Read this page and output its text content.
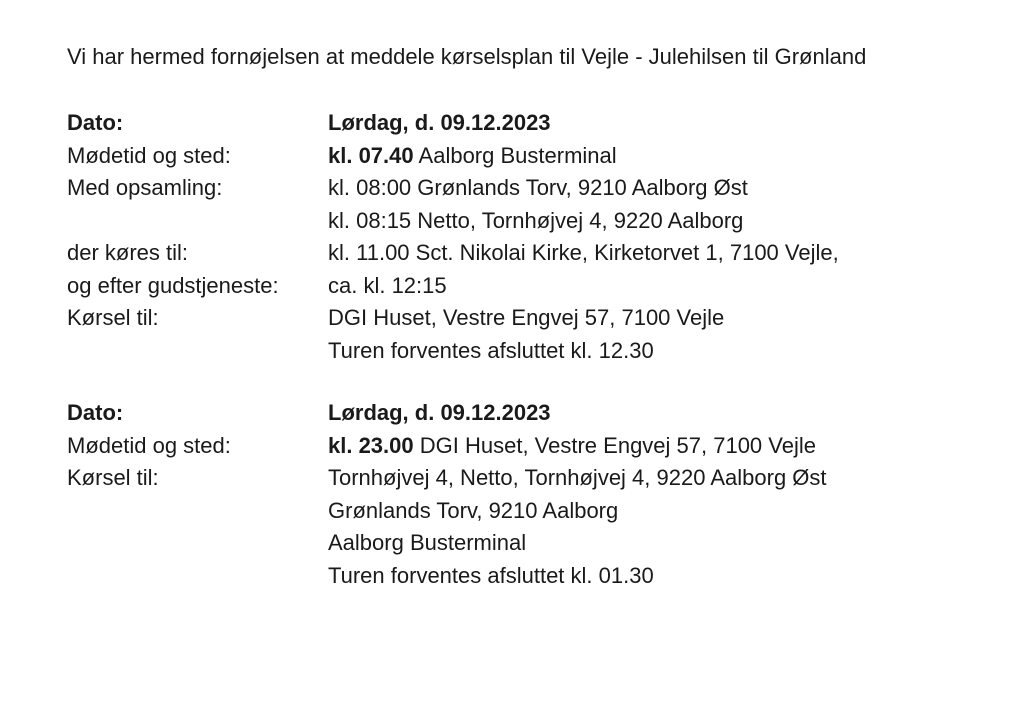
Vi har hermed fornøjelsen at meddele kørselsplan til Vejle - Julehilsen til Grønland
Dato:	Lørdag, d. 09.12.2023
Mødetid og sted:	kl. 07.40 Aalborg Busterminal
Med opsamling:	kl. 08:00 Grønlands Torv, 9210 Aalborg Øst
kl. 08:15 Netto, Tornhøjvej 4, 9220 Aalborg
der køres til:	kl. 11.00 Sct. Nikolai Kirke, Kirketorvet 1, 7100 Vejle,
og efter gudstjeneste:	ca. kl. 12:15
Kørsel til:	DGI Huset, Vestre Engvej 57, 7100 Vejle
Turen forventes afsluttet kl. 12.30
Dato:	Lørdag, d. 09.12.2023
Mødetid og sted:	kl. 23.00 DGI Huset, Vestre Engvej 57, 7100 Vejle
Kørsel til:	Tornhøjvej 4, Netto, Tornhøjvej 4, 9220 Aalborg Øst
Grønlands Torv, 9210 Aalborg
Aalborg Busterminal
Turen forventes afsluttet kl. 01.30
